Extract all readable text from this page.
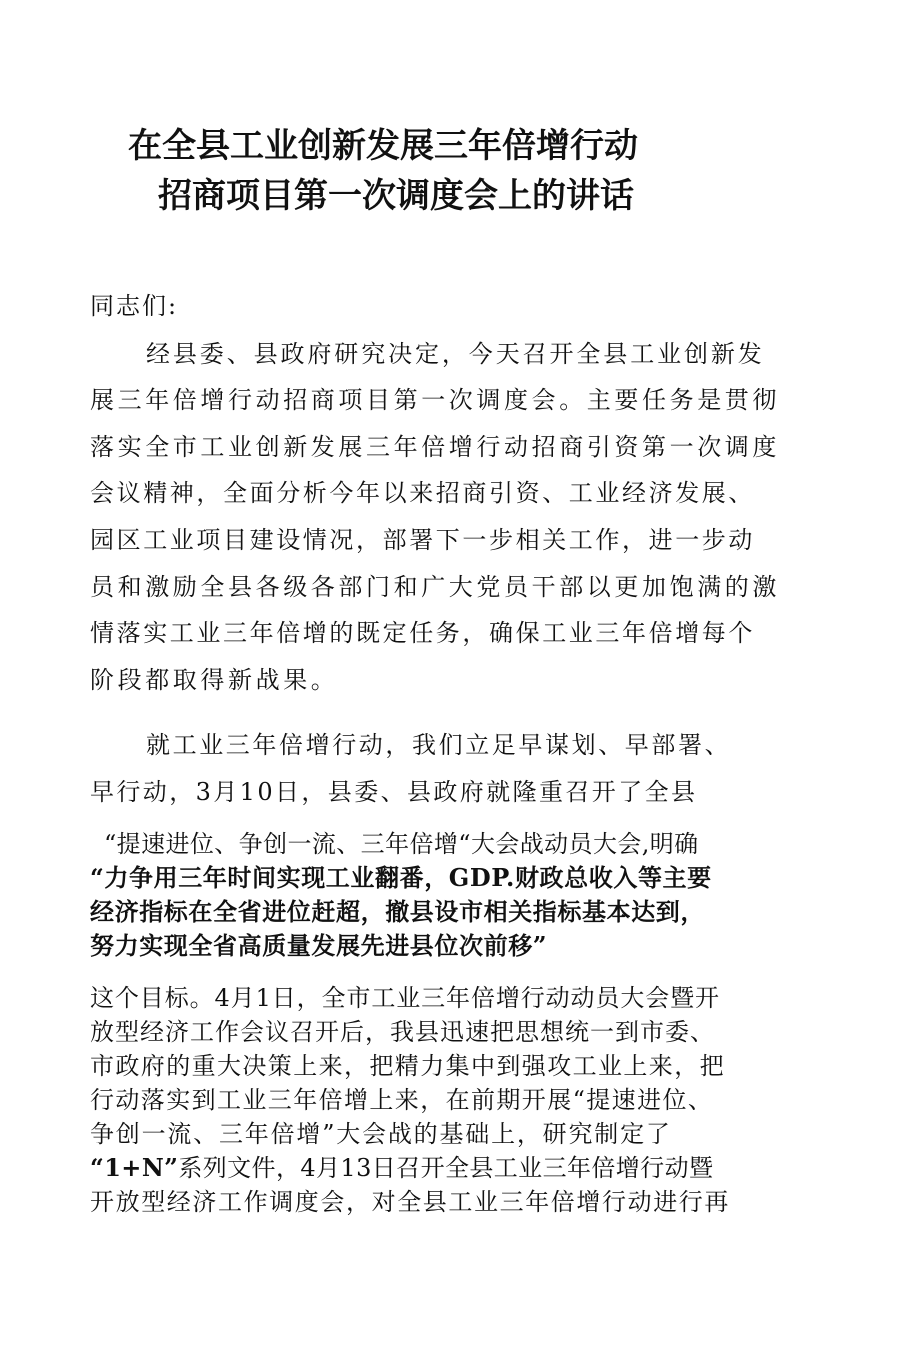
在全县工业创新发展三年倍增行动
招商项目第一次调度会上的讲话

同志们:

经县委、县政府研究决定，今天召开全县工业创新发

展三年倍增行动招商项目第一次调度会。主要任务是贯彻

落实全市工业创新发展三年倍增行动招商引资第一次调度

会议精神，全面分析今年以来招商引资、工业经济发展、

园区工业项目建设情况，部署下一步相关工作，进一步动

员和激励全县各级各部门和广大党员干部以更加饱满的激

情落实工业三年倍增的既定任务，确保工业三年倍增每个

阶段都取得新战果。

就工业三年倍增行动，我们立足早谋划、早部署、

早行动，3月10日，县委、县政府就隆重召开了全县

“提速进位、争创一流、三年倍增“大会战动员大会,明确

“力争用三年时间实现工业翻番，GDP.财政总收入等主要

经济指标在全省进位赶超，撤县设市相关指标基本达到，

努力实现全省高质量发展先进县位次前移”

这个目标。4月1日，全市工业三年倍增行动动员大会暨开

放型经济工作会议召开后，我县迅速把思想统一到市委、

市政府的重大决策上来，把精力集中到强攻工业上来，把

行动落实到工业三年倍增上来，在前期开展“提速进位、

争创一流、三年倍增”大会战的基础上，研究制定了

“1+N”系列文件，4月13日召开全县工业三年倍增行动暨

开放型经济工作调度会，对全县工业三年倍增行动进行再
